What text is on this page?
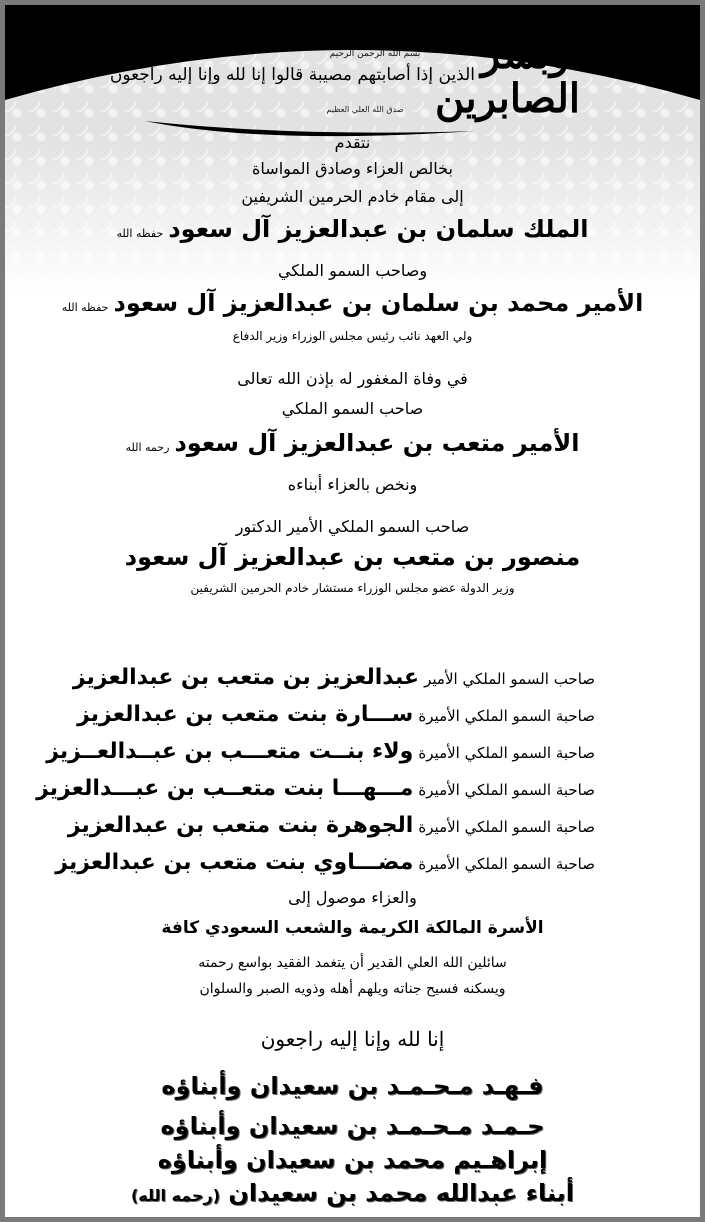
بسم الله الرحمن الرحيم
الذين إذا أصابتهم مصيبة قالوا إنا لله وإنا إليه راجعون
صدق الله العلي العظيم
وبشر الصابرين
نتقدم
بخالص العزاء وصادق المواساة
إلى مقام خادم الحرمين الشريفين
الملك سلمان بن عبدالعزيز آل سعود حفظه الله
وصاحب السمو الملكي
الأمير محمد بن سلمان بن عبدالعزيز آل سعود حفظه الله
ولي العهد نائب رئيس مجلس الوزراء وزير الدفاع
في وفاة المغفور له بإذن الله تعالى
صاحب السمو الملكي
الأمير متعب بن عبدالعزيز آل سعود رحمه الله
ونخص بالعزاء أبناءه
صاحب السمو الملكي الأمير الدكتور
منصور بن متعب بن عبدالعزيز آل سعود
وزير الدولة عضو مجلس الوزراء مستشار خادم الحرمين الشريفين
صاحب السمو الملكي الأمير عبدالعزيز بن متعب بن عبدالعزيز
صاحبة السمو الملكي الأميرة ســـارة بنت متعب بن عبدالعزيز
صاحبة السمو الملكي الأميرة ولاء بنــت متعـــب بن عبــدالعــزيز
صاحبة السمو الملكي الأميرة مـــهـــا بنت متعــب بن عبـــدالعزيز
صاحبة السمو الملكي الأميرة الجوهرة بنت متعب بن عبدالعزيز
صاحبة السمو الملكي الأميرة مضـــاوي بنت متعب بن عبدالعزيز
والعزاء موصول إلى
الأسرة المالكة الكريمة والشعب السعودي كافة
سائلين الله العلي القدير أن يتغمد الفقيد بواسع رحمته
ويسكنه فسيح جناته ويلهم أهله وذويه الصبر والسلوان
إنا لله وإنا إليه راجعون
فـهـد مـحـمـد بن سعيدان وأبناؤه
حـمـد مـحـمـد بن سعيدان وأبناؤه
إبراهـيم محمد بن سعيدان وأبناؤه
أبناء عبدالله محمد بن سعيدان (رحمه الله)
